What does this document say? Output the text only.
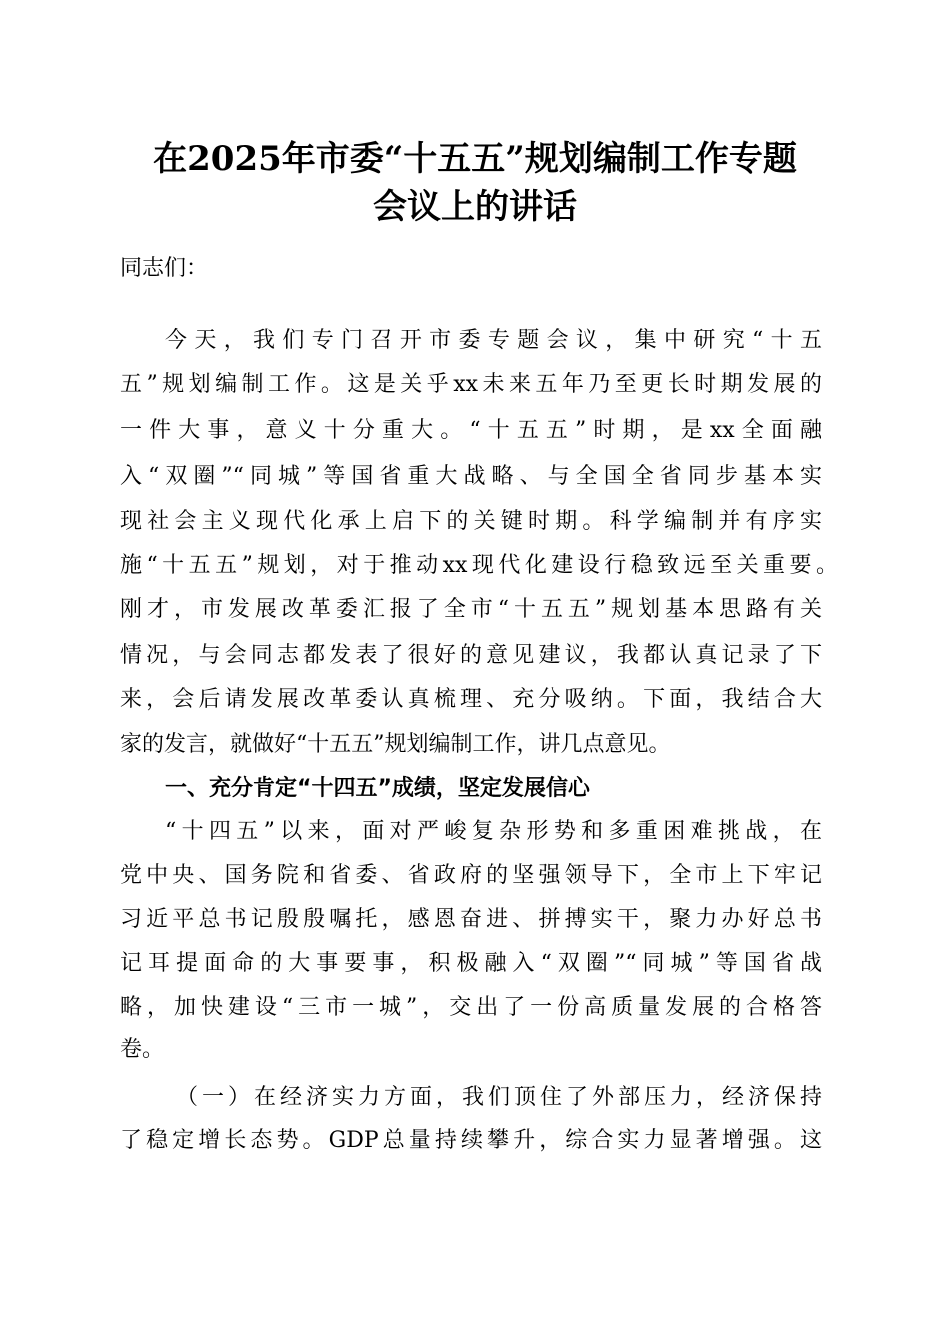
在2025年市委“十五五”规划编制工作专题
会议上的讲话
同志们：
今天，我们专门召开市委专题会议，集中研究“十五
五”规划编制工作。这是关乎xx未来五年乃至更长时期发展的
一件大事，意义十分重大。“十五五”时期，是xx全面融
入“双圈”“同城”等国省重大战略、与全国全省同步基本实
现社会主义现代化承上启下的关键时期。科学编制并有序实
施“十五五”规划，对于推动xx现代化建设行稳致远至关重要。
刚才，市发展改革委汇报了全市“十五五”规划基本思路有关
情况，与会同志都发表了很好的意见建议，我都认真记录了下
来，会后请发展改革委认真梳理、充分吸纳。下面，我结合大
家的发言，就做好“十五五”规划编制工作，讲几点意见。
一、充分肯定“十四五”成绩，坚定发展信心
“十四五”以来，面对严峻复杂形势和多重困难挑战，在
党中央、国务院和省委、省政府的坚强领导下，全市上下牢记
习近平总书记殷殷嘱托，感恩奋进、拼搏实干，聚力办好总书
记耳提面命的大事要事，积极融入“双圈”“同城”等国省战
略，加快建设“三市一城”，交出了一份高质量发展的合格答
卷。
（一）在经济实力方面，我们顶住了外部压力，经济保持
了稳定增长态势。GDP总量持续攀升，综合实力显著增强。这
